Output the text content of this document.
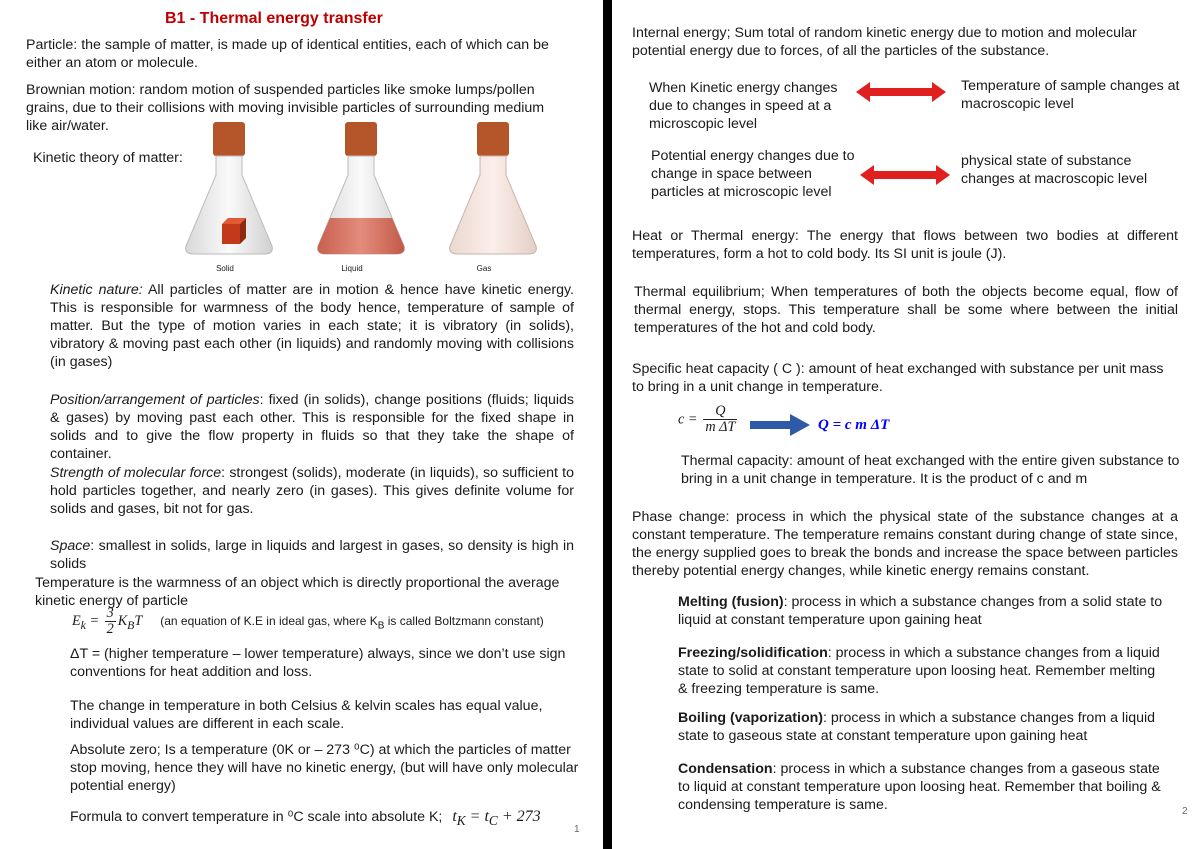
B1 - Thermal energy transfer

Particle: the sample of matter, is made up of identical entities, each of which can be either an atom or molecule.

Brownian motion: random motion of suspended particles like smoke lumps/pollen grains, due to their collisions with moving invisible particles of surrounding medium like air/water.

Kinetic theory of matter:

Solid	Liquid	Gas

Kinetic nature: All particles of matter are in motion & hence have kinetic energy. This is responsible for warmness of the body hence, temperature of sample of matter. But the type of motion varies in each state; it is vibratory (in solids), vibratory & moving past each other (in liquids) and randomly moving with collisions (in gases)

Position/arrangement of particles: fixed (in solids), change positions (fluids; liquids & gases) by moving past each other. This is responsible for the fixed shape in solids and to give the flow property in fluids so that they take the shape of container.

Strength of molecular force: strongest (solids), moderate (in liquids), so sufficient to hold particles together, and nearly zero (in gases). This gives definite volume for solids and gases, bit not for gas.

Space: smallest in solids, large in liquids and largest in gases, so density is high in solids

Temperature is the warmness of an object which is directly proportional the average kinetic energy of particle

$E_k = \frac{3}{2} K_BT$ (an equation of K.E in ideal gas, where $K_B$ is called Boltzmann constant)

ΔT = (higher temperature – lower temperature) always, since we don’t use sign conventions for heat addition and loss.

The change in temperature in both Celsius & kelvin scales has equal value, individual values are different in each scale.

Absolute zero; Is a temperature (0K or – 273 ⁰C) at which the particles of matter stop moving, hence they will have no kinetic energy, (but will have only molecular potential energy)

Formula to convert temperature in ⁰C scale into absolute K; $t_K = t_C + 273$
1

Internal energy; Sum total of random kinetic energy due to motion and molecular potential energy due to forces, of all the particles of the substance.

When Kinetic energy changes due to changes in speed at a microscopic level

Temperature of sample changes at macroscopic level

Potential energy changes due to change in space between particles at microscopic level

physical state of substance changes at macroscopic level

Heat or Thermal energy: The energy that flows between two bodies at different temperatures, form a hot to cold body. Its SI unit is joule (J).

Thermal equilibrium; When temperatures of both the objects become equal, flow of thermal energy, stops. This temperature shall be some where between the initial temperatures of the hot and cold body.

Specific heat capacity ( C ): amount of heat exchanged with substance per unit mass to bring in a unit change in temperature.

$c = \frac{Q}{\text{m ΔT}}$	Q = c m ΔT

Thermal capacity: amount of heat exchanged with the entire given substance to bring in a unit change in temperature. It is the product of c and m

Phase change: process in which the physical state of the substance changes at a constant temperature. The temperature remains constant during change of state since, the energy supplied goes to break the bonds and increase the space between particles thereby potential energy changes, while kinetic energy remains constant.

Melting (fusion): process in which a substance changes from a solid state to liquid at constant temperature upon gaining heat

Freezing/solidification: process in which a substance changes from a liquid state to solid at constant temperature upon loosing heat. Remember melting & freezing temperature is same.

Boiling (vaporization): process in which a substance changes from a liquid state to gaseous state at constant temperature upon gaining heat

Condensation: process in which a substance changes from a gaseous state to liquid at constant temperature upon loosing heat. Remember that boiling & condensing temperature is same.	2
